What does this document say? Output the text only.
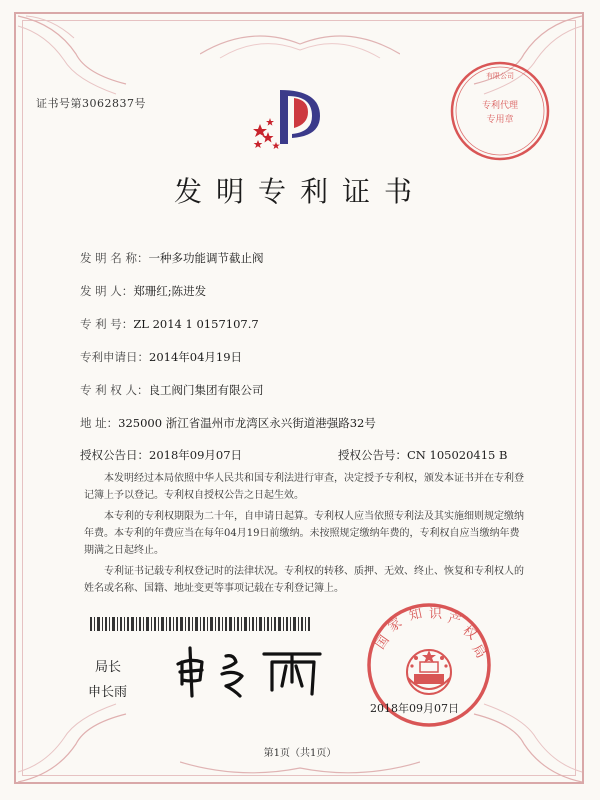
证书号第3062837号	专利代理
专用章
有限公司
发明专利证书
发 明 名 称：一种多功能调节截止阀
发 明 人：郑珊红;陈进发
专 利 号：ZL 2014 1 0157107.7
专利申请日：2014年04月19日
专 利 权 人：良工阀门集团有限公司
地 址：325000 浙江省温州市龙湾区永兴街道港强路32号
授权公告日：2018年09月07日	授权公告号：CN 105020415 B
本发明经过本局依照中华人民共和国专利法进行审查，决定授予专利权，颁发本证书并在专利登记簿上予以登记。专利权自授权公告之日起生效。
本专利的专利权期限为二十年，自申请日起算。专利权人应当依照专利法及其实施细则规定缴纳年费。本专利的年费应当在每年04月19日前缴纳。未按照规定缴纳年费的，专利权自应当缴纳年费期满之日起终止。
专利证书记载专利权登记时的法律状况。专利权的转移、质押、无效、终止、恢复和专利权人的姓名或名称、国籍、地址变更等事项记载在专利登记簿上。
局长
申长雨
国
家
知 识 产
权
局
2018年09月07日
第1页（共1页）
